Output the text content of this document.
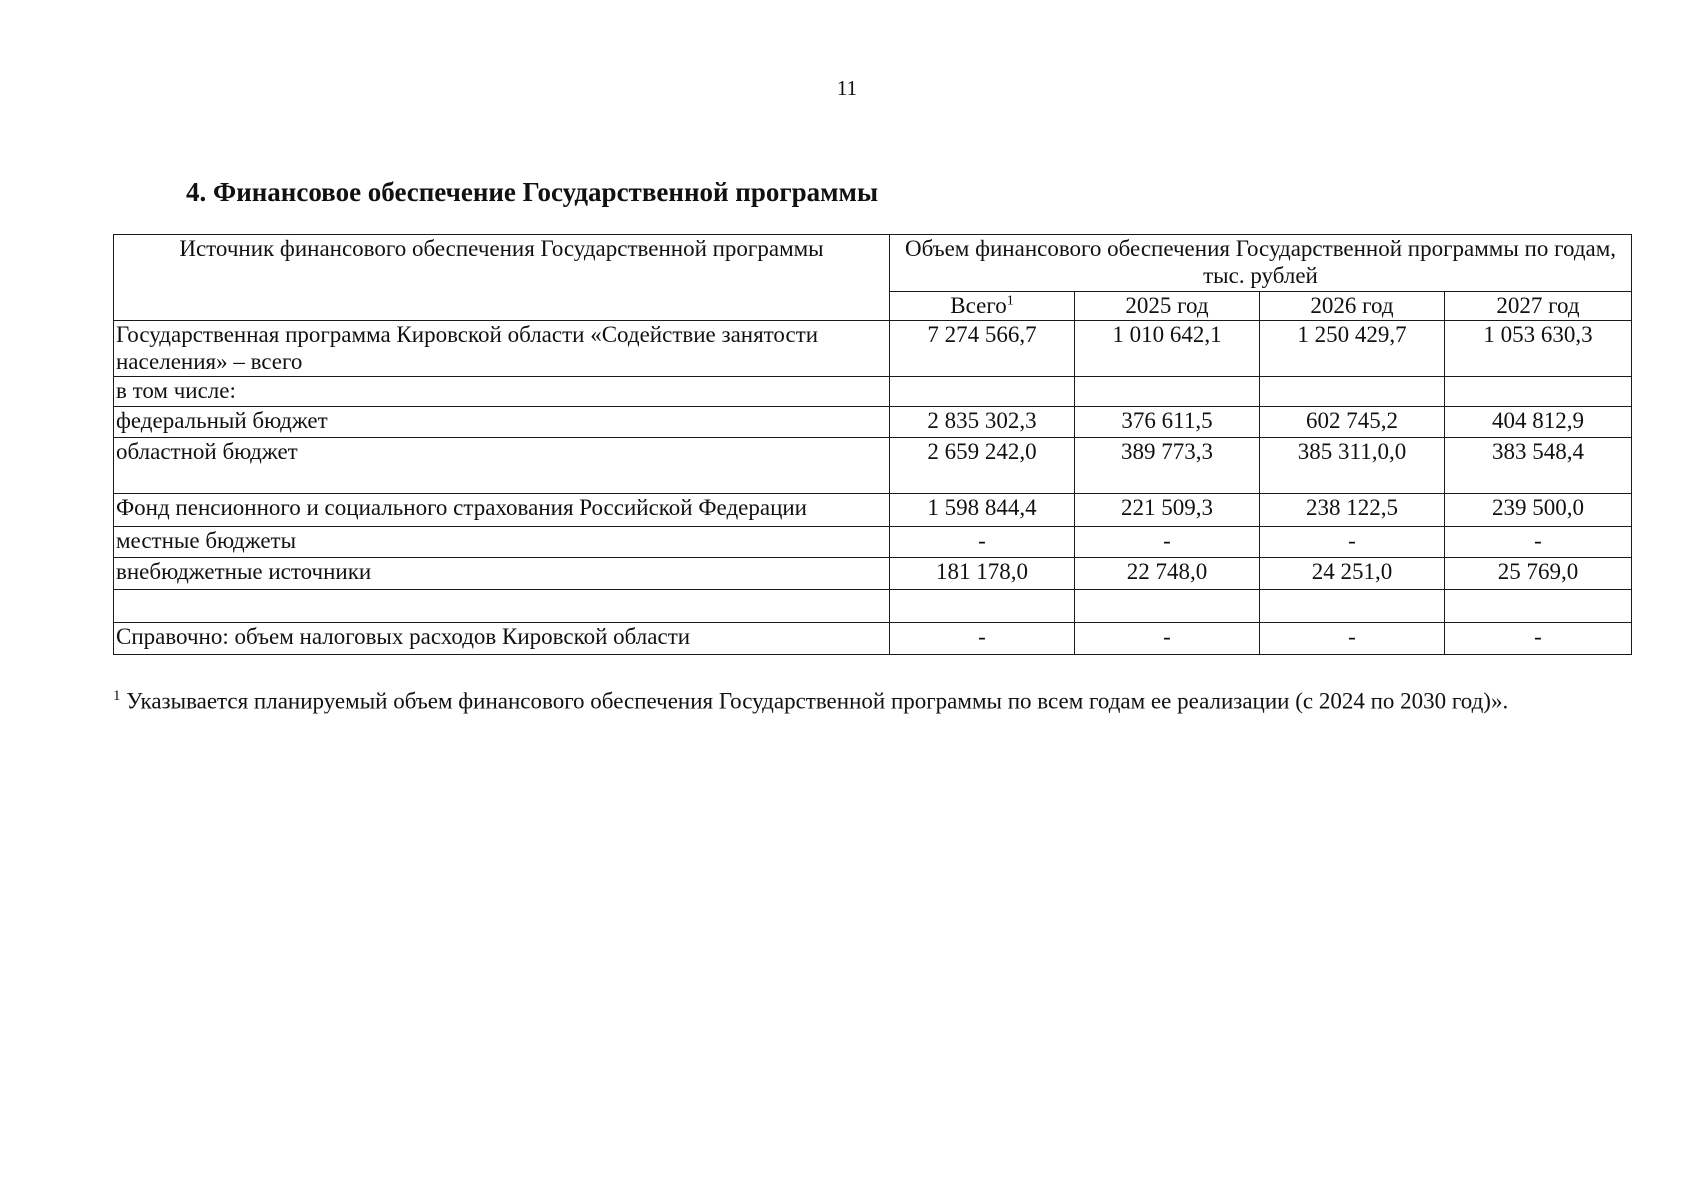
11
4. Финансовое обеспечение Государственной программы
Источник финансового обеспечения Государственной программы	Объем финансового обеспечения Государственной программы по годам, тыс. рублей			
	Всего$^1$	2025 год	2026 год	2027 год
Государственная программа Кировской области «Содействие занятости населения» – всего	7 274 566,7	1 010 642,1	1 250 429,7	1 053 630,3
в том числе:				
федеральный бюджет	2 835 302,3	376 611,5	602 745,2	404 812,9
областной бюджет	2 659 242,0	389 773,3	385 311,0,0	383 548,4
Фонд пенсионного и социального страхования Российской Федерации	1 598 844,4	221 509,3	238 122,5	239 500,0
местные бюджеты	-	-	-	-
внебюджетные источники	181 178,0	22 748,0	24 251,0	25 769,0

Справочно: объем налоговых расходов Кировской области	-	-	-	-
$^1$ Указывается планируемый объем финансового обеспечения Государственной программы по всем годам ее реализации (с 2024 по 2030 год)».
